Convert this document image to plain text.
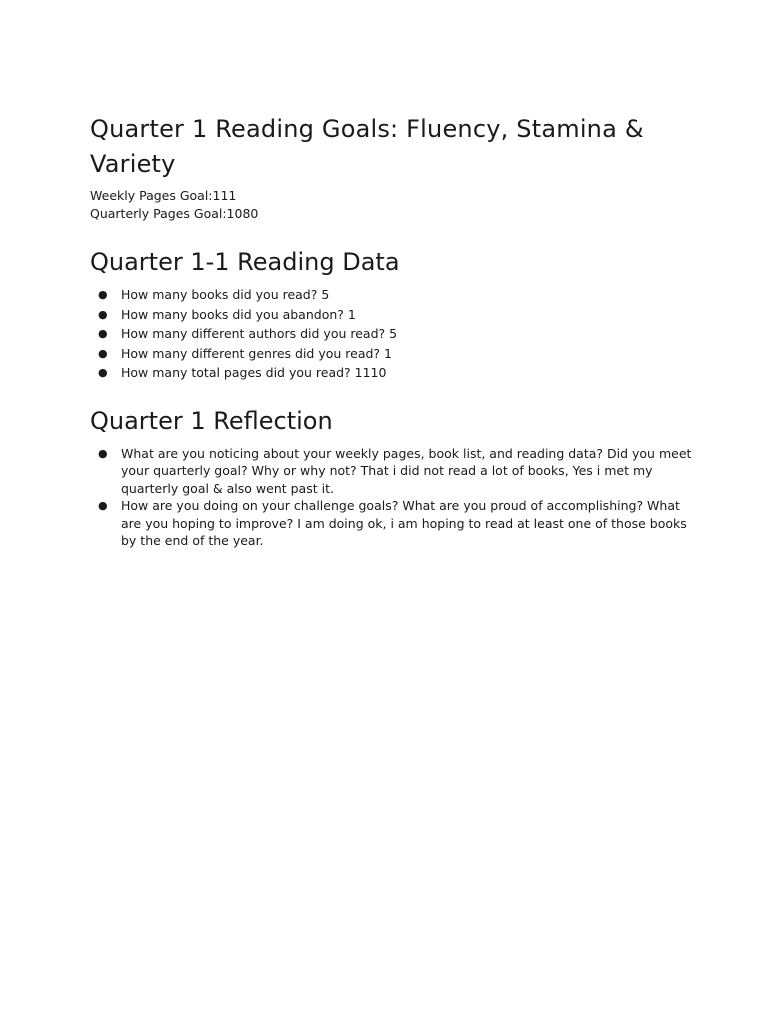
Quarter 1 Reading Goals: Fluency, Stamina & Variety

Weekly Pages Goal:111

Quarterly Pages Goal:1080

Quarter 1-1 Reading Data
● How many books did you read? 5
● How many books did you abandon? 1
● How many different authors did you read? 5
● How many different genres did you read? 1
● How many total pages did you read? 1110
Quarter 1 Reflection
● What are you noticing about your weekly pages, book list, and reading data? Did you meet your quarterly goal? Why or why not? That i did not read a lot of books, Yes i met my quarterly goal & also went past it.
● How are you doing on your challenge goals? What are you proud of accomplishing? What are you hoping to improve? I am doing ok, i am hoping to read at least one of those books by the end of the year.
